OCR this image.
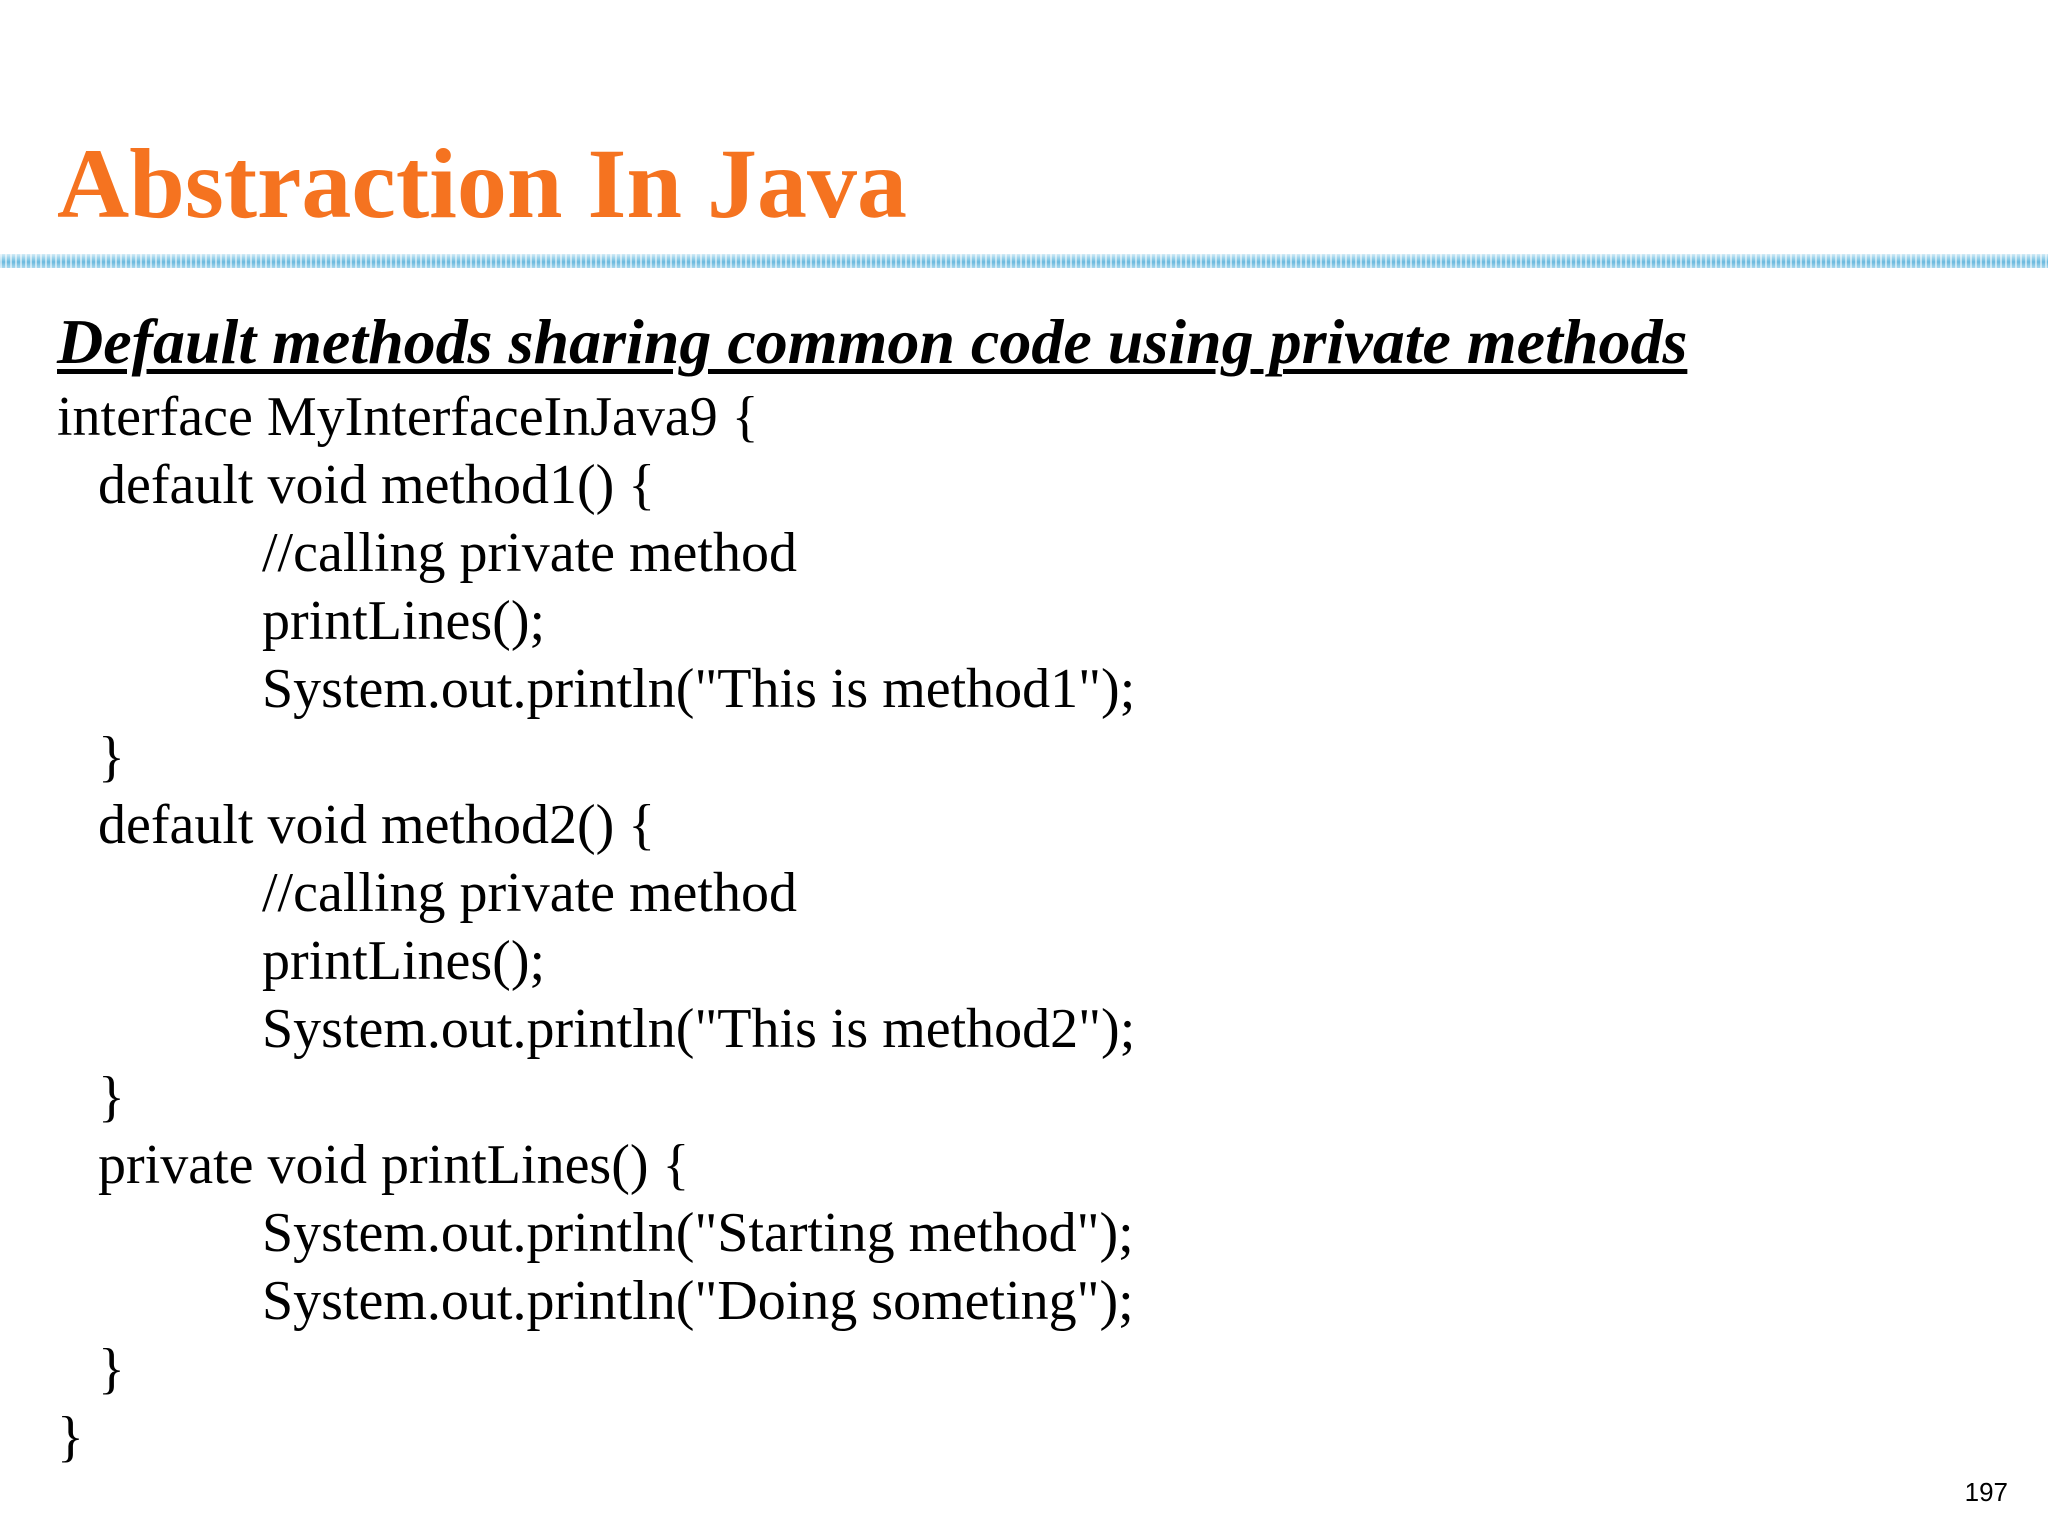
Abstraction In Java
Default methods sharing common code using private methods
interface MyInterfaceInJava9 {
default void method1() {
//calling private method
printLines();
System.out.println("This is method1");
}
default void method2() {
//calling private method
printLines();
System.out.println("This is method2");
}
private void printLines() {
System.out.println("Starting method");
System.out.println("Doing someting");
}
}
197
